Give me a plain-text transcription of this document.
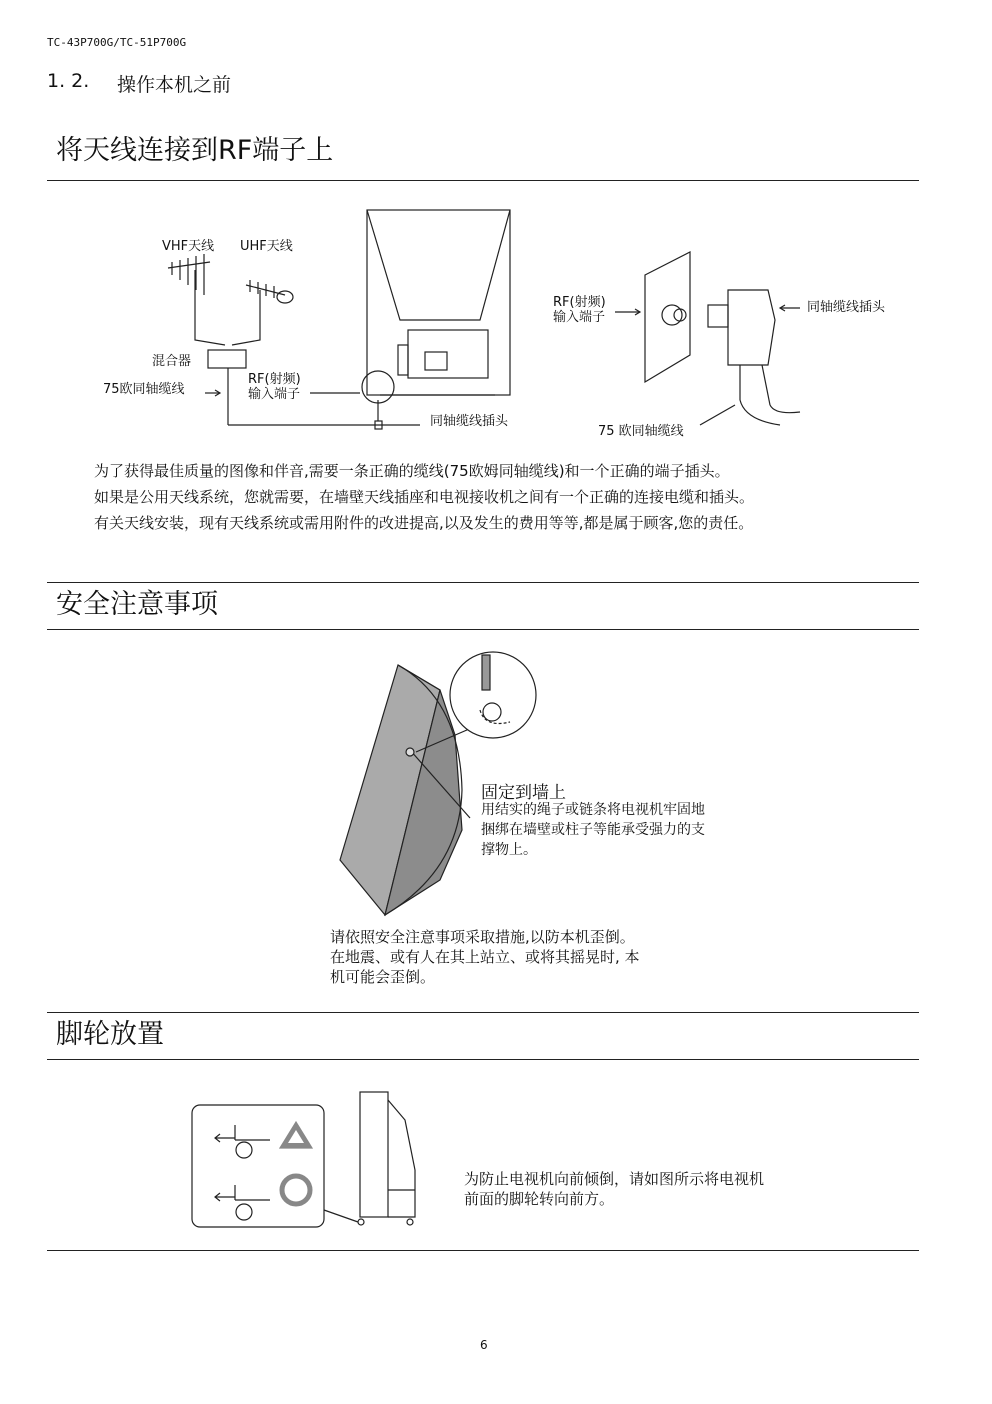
TC-43P700G/TC-51P700G
1. 2. 操作本机之前
将天线连接到RF端子上
VHF天线 UHF天线
混合器
75欧同轴缆线
RF(射频)
输入端子
同轴缆线插头
RF(射频)
输入端子
同轴缆线插头
75 欧同轴缆线
为了获得最佳质量的图像和伴音,需要一条正确的缆线(75欧姆同轴缆线)和一个正确的端子插头。
如果是公用天线系统，您就需要，在墙壁天线插座和电视接收机之间有一个正确的连接电缆和插头。
有关天线安装，现有天线系统或需用附件的改进提高,以及发生的费用等等,都是属于顾客,您的责任。
安全注意事项
固定到墙上
用结实的绳子或链条将电视机牢固地
捆绑在墙壁或柱子等能承受强力的支
撑物上。
请依照安全注意事项采取措施,以防本机歪倒。
在地震、或有人在其上站立、或将其摇晃时, 本
机可能会歪倒。
脚轮放置
为防止电视机向前倾倒，请如图所示将电视机
前面的脚轮转向前方。
6
